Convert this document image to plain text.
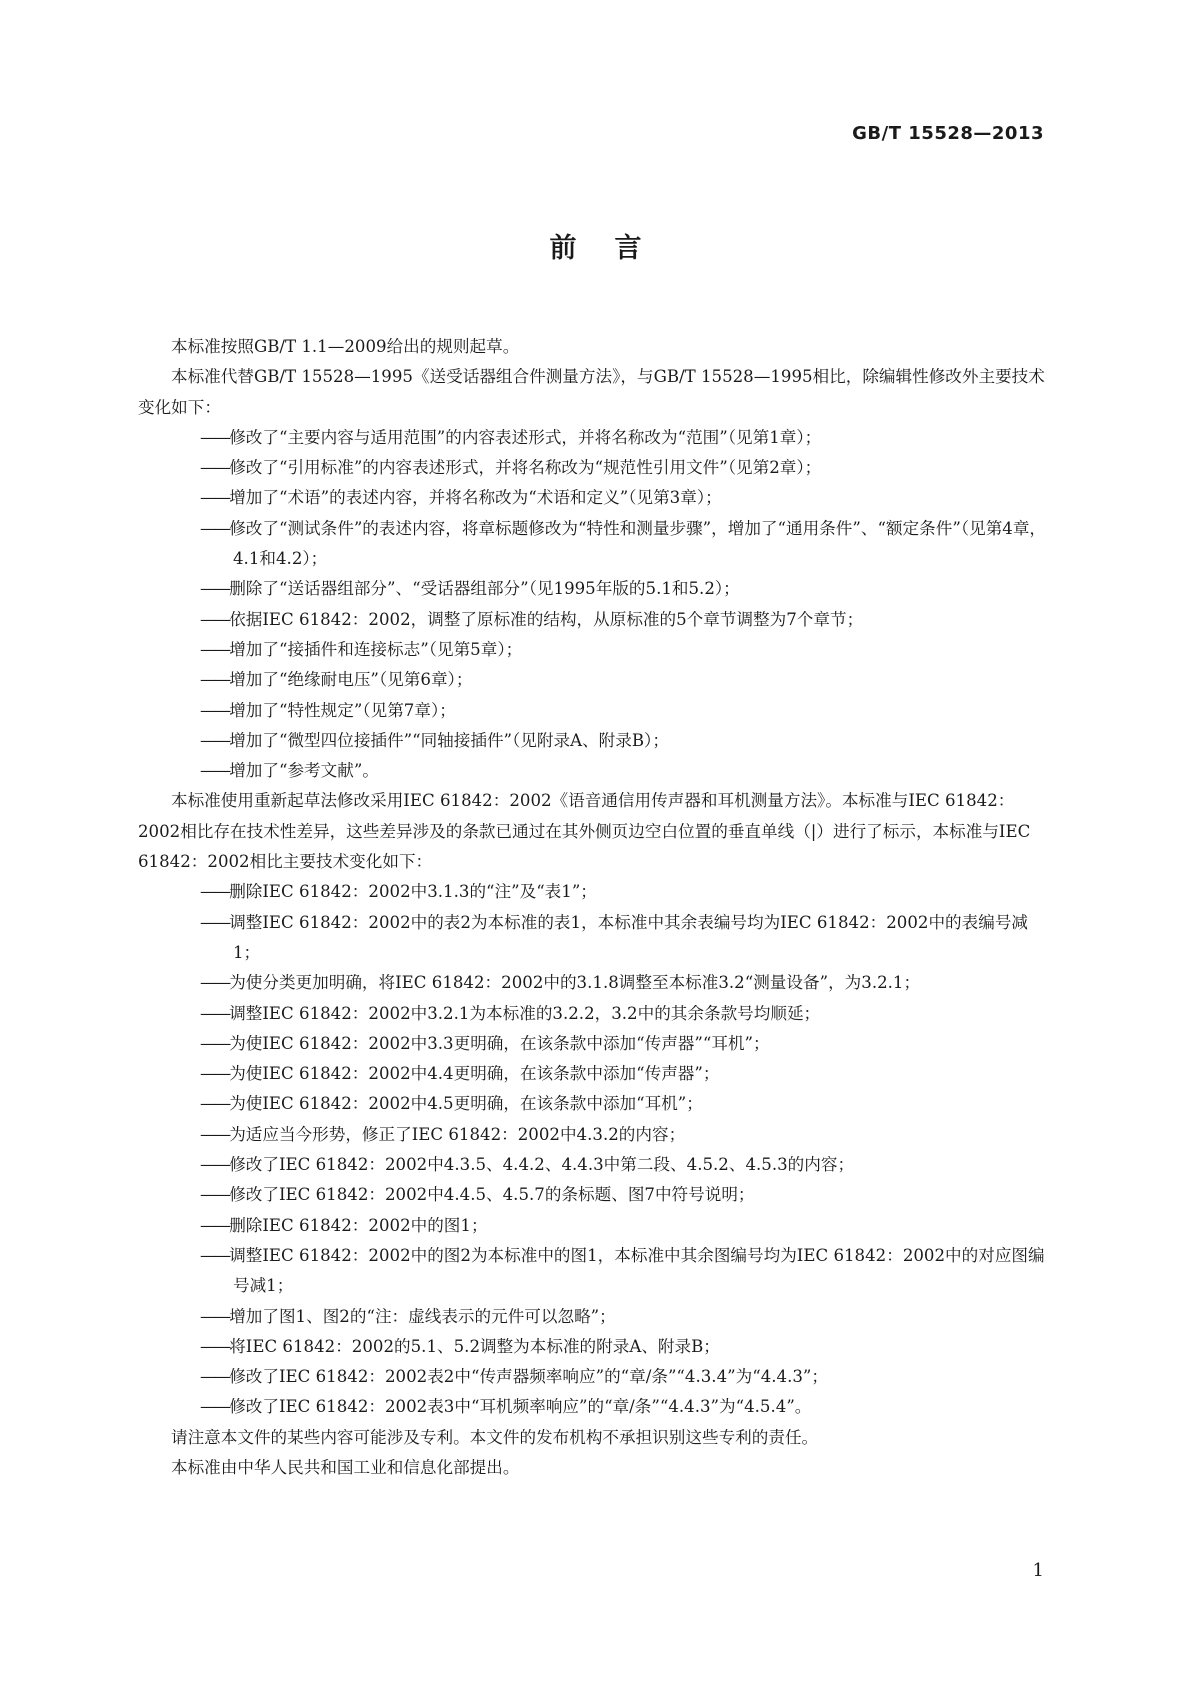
GB/T 15528—2013
前言

本标准按照GB/T 1.1—2009给出的规则起草。

本标准代替GB/T 15528—1995《送受话器组合件测量方法》，与GB/T 15528—1995相比，除编辑性修改外主要技术变化如下：

——修改了“主要内容与适用范围”的内容表述形式，并将名称改为“范围”（见第1章）；

——修改了“引用标准”的内容表述形式，并将名称改为“规范性引用文件”（见第2章）；

——增加了“术语”的表述内容，并将名称改为“术语和定义”（见第3章）；

——修改了“测试条件”的表述内容，将章标题修改为“特性和测量步骤”，增加了“通用条件”、“额定条件”（见第4章，4.1和4.2）；

——删除了“送话器组部分”、“受话器组部分”（见1995年版的5.1和5.2）；

——依据IEC 61842：2002，调整了原标准的结构，从原标准的5个章节调整为7个章节；

——增加了“接插件和连接标志”（见第5章）；

——增加了“绝缘耐电压”（见第6章）；

——增加了“特性规定”（见第7章）；

——增加了“微型四位接插件”“同轴接插件”（见附录A、附录B）；

——增加了“参考文献”。

本标准使用重新起草法修改采用IEC 61842：2002《语音通信用传声器和耳机测量方法》。本标准与IEC 61842：2002相比存在技术性差异，这些差异涉及的条款已通过在其外侧页边空白位置的垂直单线（|）进行了标示，本标准与IEC 61842：2002相比主要技术变化如下：

——删除IEC 61842：2002中3.1.3的“注”及“表1”；

——调整IEC 61842：2002中的表2为本标准的表1，本标准中其余表编号均为IEC 61842：2002中的表编号减1；

——为使分类更加明确，将IEC 61842：2002中的3.1.8调整至本标准3.2“测量设备”，为3.2.1；

——调整IEC 61842：2002中3.2.1为本标准的3.2.2，3.2中的其余条款号均顺延；

——为使IEC 61842：2002中3.3更明确，在该条款中添加“传声器”“耳机”；

——为使IEC 61842：2002中4.4更明确，在该条款中添加“传声器”；

——为使IEC 61842：2002中4.5更明确，在该条款中添加“耳机”；

——为适应当今形势，修正了IEC 61842：2002中4.3.2的内容；

——修改了IEC 61842：2002中4.3.5、4.4.2、4.4.3中第二段、4.5.2、4.5.3的内容；

——修改了IEC 61842：2002中4.4.5、4.5.7的条标题、图7中符号说明；

——删除IEC 61842：2002中的图1；

——调整IEC 61842：2002中的图2为本标准中的图1，本标准中其余图编号均为IEC 61842：2002中的对应图编号减1；

——增加了图1、图2的“注：虚线表示的元件可以忽略”；

——将IEC 61842：2002的5.1、5.2调整为本标准的附录A、附录B；

——修改了IEC 61842：2002表2中“传声器频率响应”的“章/条”“4.3.4”为“4.4.3”；

——修改了IEC 61842：2002表3中“耳机频率响应”的“章/条”“4.4.3”为“4.5.4”。

请注意本文件的某些内容可能涉及专利。本文件的发布机构不承担识别这些专利的责任。

本标准由中华人民共和国工业和信息化部提出。

1
